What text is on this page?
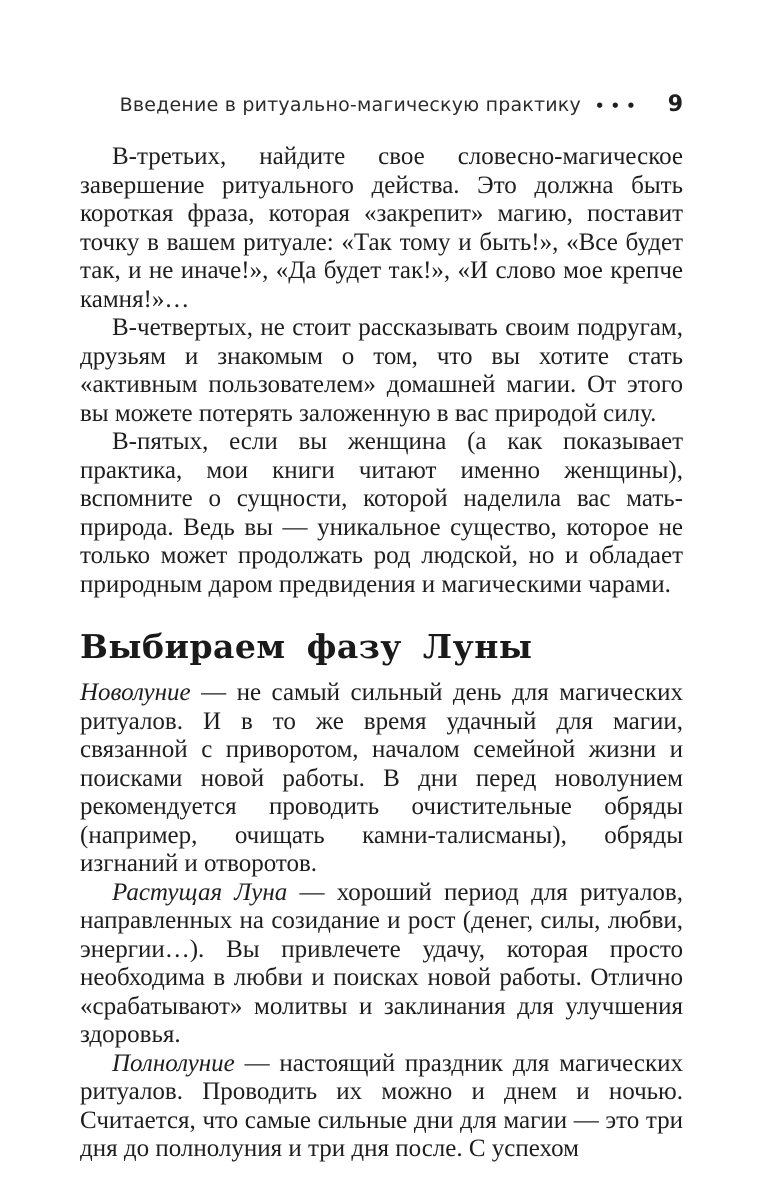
Введение в ритуально-магическую практику ••• 9

В-третьих, найдите свое словесно-магическое завершение ритуального действа. Это должна быть короткая фраза, которая «закрепит» магию, поставит точку в вашем ритуале: «Так тому и быть!», «Все будет так, и не иначе!», «Да будет так!», «И слово мое крепче камня!»…

В-четвертых, не стоит рассказывать своим подругам, друзьям и знакомым о том, что вы хотите стать «активным пользователем» домашней магии. От этого вы можете потерять заложенную в вас природой силу.

В-пятых, если вы женщина (а как показывает практика, мои книги читают именно женщины), вспомните о сущности, которой наделила вас мать-природа. Ведь вы — уникальное существо, которое не только может продолжать род людской, но и обладает природным даром предвидения и магическими чарами.

Выбираем фазу Луны

Новолуние — не самый сильный день для магических ритуалов. И в то же время удачный для магии, связанной с приворотом, началом семейной жизни и поисками новой работы. В дни перед новолунием рекомендуется проводить очистительные обряды (например, очищать камни-талисманы), обряды изгнаний и отворотов.

Растущая Луна — хороший период для ритуалов, направленных на созидание и рост (денег, силы, любви, энергии…). Вы привлечете удачу, которая просто необходима в любви и поисках новой работы. Отлично «срабатывают» молитвы и заклинания для улучшения здоровья.

Полнолуние — настоящий праздник для магических ритуалов. Проводить их можно и днем и ночью. Считается, что самые сильные дни для магии — это три дня до полнолуния и три дня после. С успехом
